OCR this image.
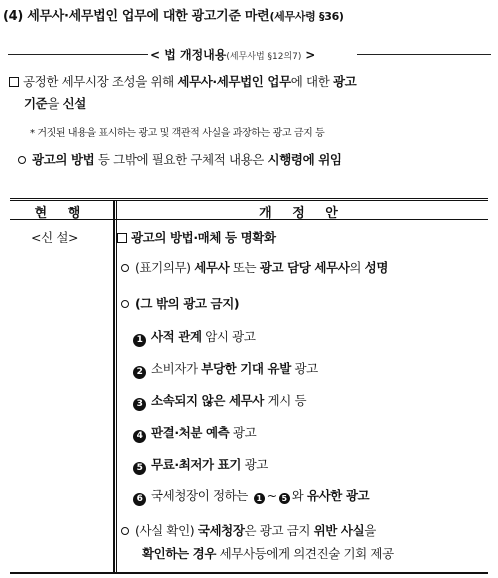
(4) 세무사·세무법인 업무에 대한 광고기준 마련(세무사령 §36)
< 법 개정내용(세무사법 §12의7) >
공정한 세무시장 조성을 위해 세무사·세무법인 업무에 대한 광고
기준을 신설
* 거짓된 내용을 표시하는 광고 및 객관적 사실을 과장하는 광고 금지 등
광고의 방법 등 그밖에 필요한 구체적 내용은 시행령에 위임
현 행	개 정 안
<신 설>	광고의 방법·매체 등 명확화
(표기의무) 세무사 또는 광고 담당 세무사의 성명
(그 밖의 광고 금지)
1 사적 관계 암시 광고
2 소비자가 부당한 기대 유발 광고
3 소속되지 않은 세무사 게시 등
4 판결·처분 예측 광고
5 무료·최저가 표기 광고
6 국세청장이 정하는 1 ~ 5 와 유사한 광고
(사실 확인) 국세청장은 광고 금지 위반 사실을
확인하는 경우 세무사등에게 의견진술 기회 제공
